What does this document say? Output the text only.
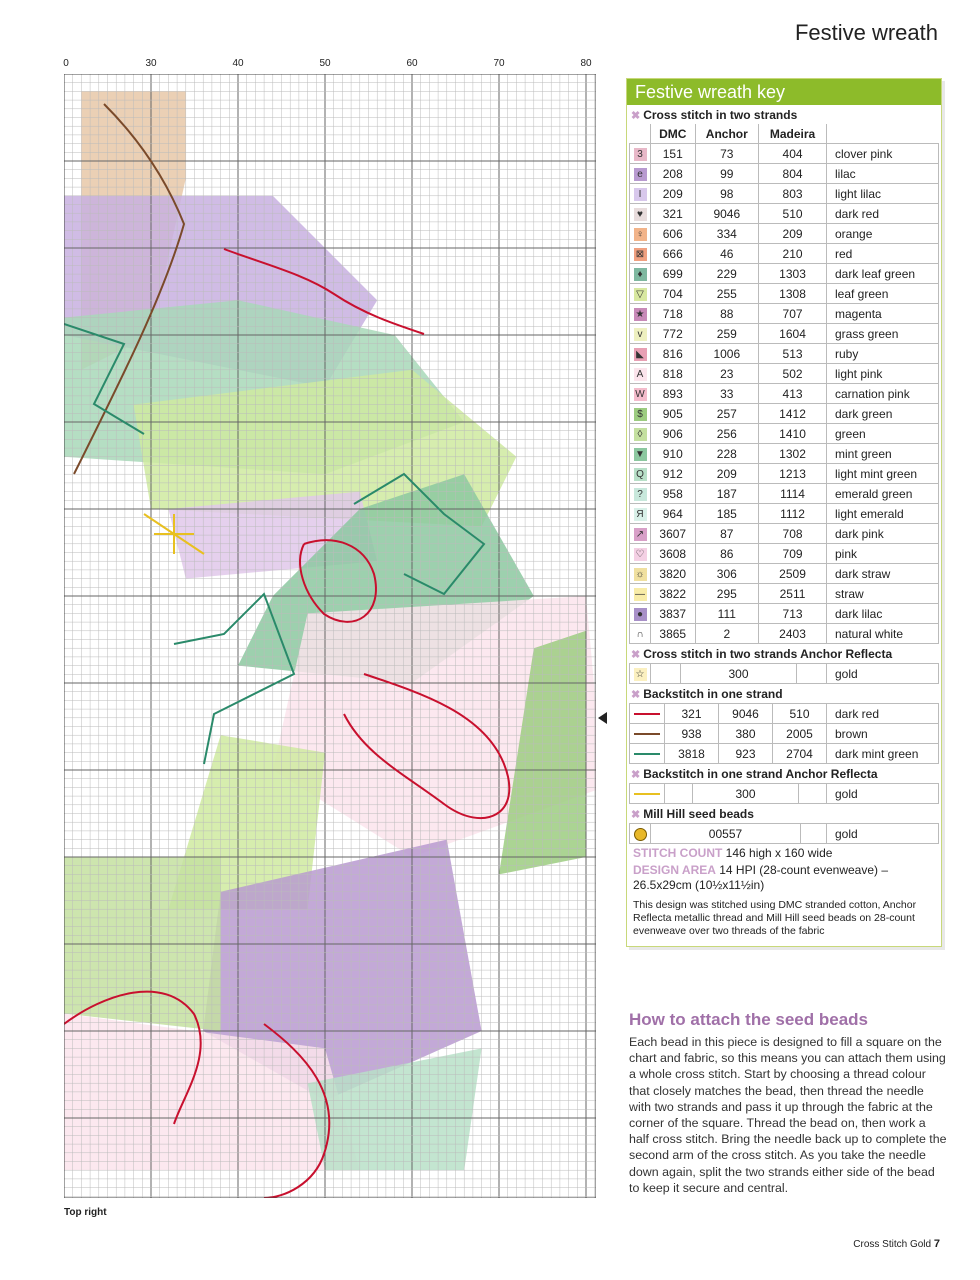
Festive wreath
0	30	40	50	60	70	80
Top right
Festive wreath key
✖ Cross stitch in two strands
	DMC	Anchor	Madeira	
3	151	73	404	clover pink
e	208	99	804	lilac
I	209	98	803	light lilac
♥	321	9046	510	dark red
♀	606	334	209	orange
⊠	666	46	210	red
♦	699	229	1303	dark leaf green
▽	704	255	1308	leaf green
★	718	88	707	magenta
v	772	259	1604	grass green
◣	816	1006	513	ruby
A	818	23	502	light pink
W	893	33	413	carnation pink
$	905	257	1412	dark green
◊	906	256	1410	green
▼	910	228	1302	mint green
Q	912	209	1213	light mint green
?	958	187	1114	emerald green
Я	964	185	1112	light emerald
↗	3607	87	708	dark pink
♡	3608	86	709	pink
☼	3820	306	2509	dark straw
—	3822	295	2511	straw
●	3837	111	713	dark lilac
∩	3865	2	2403	natural white
✖ Cross stitch in two strands Anchor Reflecta
☆		300		gold
✖ Backstitch in one strand
	321	9046	510	dark red
	938	380	2005	brown
	3818	923	2704	dark mint green
✖ Backstitch in one strand Anchor Reflecta
		300		gold
✖ Mill Hill seed beads
	00557		gold
STITCH COUNT 146 high x 160 wide
DESIGN AREA 14 HPI (28-count evenweave) – 26.5x29cm (10½x11½in)
This design was stitched using DMC stranded cotton, Anchor Reflecta metallic thread and Mill Hill seed beads on 28-count evenweave over two threads of the fabric
How to attach the seed beads
Each bead in this piece is designed to fill a square on the chart and fabric, so this means you can attach them using a whole cross stitch. Start by choosing a thread colour that closely matches the bead, then thread the needle with two strands and pass it up through the fabric at the corner of the square. Thread the bead on, then work a half cross stitch. Bring the needle back up to complete the second arm of the cross stitch. As you take the needle down again, split the two strands either side of the bead to keep it secure and central.
Cross Stitch Gold 7
